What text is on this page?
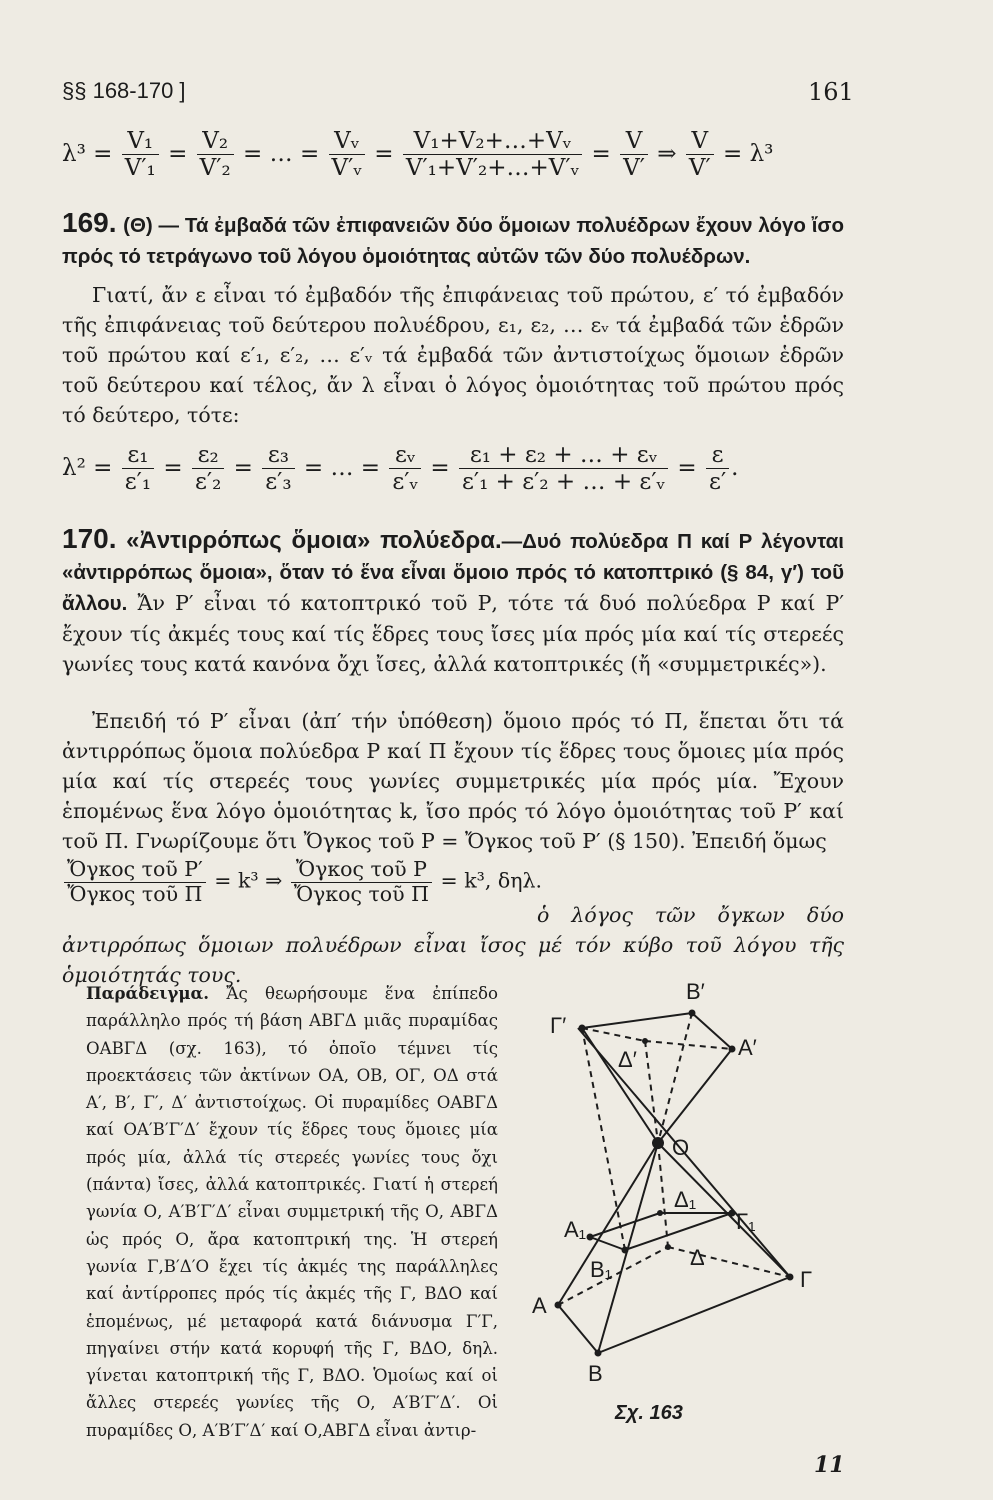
§§ 168-170 ]	161
$\lambda^3 = \frac{\text{V₁}}{\text{V′₁}} = \frac{\text{V₂}}{\text{V′₂}}$ = … = $\frac{\text{Vᵥ}}{\text{V′ᵥ}} = \frac{\text{V₁+V₂+…+Vᵥ}}{\text{V′₁+V′₂+…+V′ᵥ}} = \frac{V}{V'}$ ⇒ $\frac{V}{V'} = \lambda^3$
169. (Θ) — Τά ἐμβαδά τῶν ἐπιφανειῶν δύο ὅμοιων πολυέδρων ἔχουν λόγο ἴσο πρός τό τετράγωνο τοῦ λόγου ὁμοιότητας αὐτῶν τῶν δύο πολυέδρων.
Γιατί, ἄν ε εἶναι τό ἐμβαδόν τῆς ἐπιφάνειας τοῦ πρώτου, ε′ τό ἐμβαδόν τῆς ἐπιφάνειας τοῦ δεύτερου πολυέδρου, ε₁, ε₂, … εᵥ τά ἐμβαδά τῶν ἑδρῶν τοῦ πρώτου καί ε′₁, ε′₂, … ε′ᵥ τά ἐμβαδά τῶν ἀντιστοίχως ὅμοιων ἑδρῶν τοῦ δεύτερου καί τέλος, ἄν λ εἶναι ὁ λόγος ὁμοιότητας τοῦ πρώτου πρός τό δεύτερο, τότε:
$\lambda^2 = \frac{\text{ε₁}}{\text{ε′₁}} = \frac{\text{ε₂}}{\text{ε′₂}} = \frac{\text{ε₃}}{\text{ε′₃}}$ = … = $\frac{\text{εᵥ}}{\text{ε′ᵥ}} = \frac{\text{ε₁ + ε₂ + … + εᵥ}}{\text{ε′₁ + ε′₂ + … + ε′ᵥ}} = \frac{\varepsilon}{\varepsilon'}$ .
170. «Ἀντιρρόπως ὅμοια» πολύεδρα.—Δυό πολύεδρα Π καί Ρ λέγονται «ἀντιρρόπως ὅμοια», ὅταν τό ἕνα εἶναι ὅμοιο πρός τό κατοπτρικό (§ 84, γ′) τοῦ ἄλλου. Ἄν Ρ′ εἶναι τό κατοπτρικό τοῦ Ρ, τότε τά δυό πολύεδρα Ρ καί Ρ′ ἔχουν τίς ἀκμές τους καί τίς ἕδρες τους ἴσες μία πρός μία καί τίς στερεές γωνίες τους κατά κανόνα ὄχι ἴσες, ἀλλά κατοπτρικές (ἤ «συμμετρικές»).
Ἐπειδή τό Ρ′ εἶναι (ἀπ′ τήν ὑπόθεση) ὅμοιο πρός τό Π, ἕπεται ὅτι τά ἀντιρρόπως ὅμοια πολύεδρα Ρ καί Π ἔχουν τίς ἕδρες τους ὅμοιες μία πρός μία καί τίς στερεές τους γωνίες συμμετρικές μία πρός μία. Ἔχουν ἑπομένως ἕνα λόγο ὁμοιότητας k, ἴσο πρός τό λόγο ὁμοιότητας τοῦ Ρ′ καί τοῦ Π. Γνωρίζουμε ὅτι Ὄγκος τοῦ Ρ = Ὄγκος τοῦ Ρ′ (§ 150). Ἐπειδή ὅμως
$\frac{\text{Ὄγκος τοῦ Ρ′}}{\text{Ὄγκος τοῦ Π}} = k^3$ ⇒ $\frac{\text{Ὄγκος τοῦ Ρ}}{\text{Ὄγκος τοῦ Π}} = k^3$, δηλ.
ὁ λόγος τῶν ὄγκων δύο ἀντιρρόπως ὅμοιων πολυέδρων εἶναι ἴσος μέ τόν κύβο τοῦ λόγου τῆς ὁμοιότητάς τους.
Παράδειγμα. Ἄς θεωρήσουμε ἕνα ἐπίπεδο παράλληλο πρός τή βάση ΑΒΓΔ μιᾶς πυραμίδας ΟΑΒΓΔ (σχ. 163), τό ὁποῖο τέμνει τίς προεκτάσεις τῶν ἀκτίνων ΟΑ, ΟΒ, ΟΓ, ΟΔ στά Α′, Β′, Γ′, Δ′ ἀντιστοίχως. Οἱ πυραμίδες ΟΑΒΓΔ καί ΟΑ′Β′Γ′Δ′ ἔχουν τίς ἕδρες τους ὅμοιες μία πρός μία, ἀλλά τίς στερεές γωνίες τους ὄχι (πάντα) ἴσες, ἀλλά κατοπτρικές. Γιατί ἡ στερεή γωνία Ο, Α′Β′Γ′Δ′ εἶναι συμμετρική τῆς Ο, ΑΒΓΔ ὡς πρός Ο, ἄρα κατοπτρική της. Ἡ στερεή γωνία Γ,Β′Δ′Ο ἔχει τίς ἀκμές της παράλληλες καί ἀντίρροπες πρός τίς ἀκμές τῆς Γ, ΒΔΟ καί ἑπομένως, μέ μεταφορά κατά διάνυσμα Γ′Γ, πηγαίνει στήν κατά κορυφή τῆς Γ, ΒΔΟ, δηλ. γίνεται κατοπτρική τῆς Γ, ΒΔΟ. Ὁμοίως καί οἱ ἄλλες στερεές γωνίες τῆς Ο, Α′Β′Γ′Δ′. Οἱ πυραμίδες Ο, Α′Β′Γ′Δ′ καί Ο,ΑΒΓΔ εἶναι ἀντιρ-
Β′
Α′
Γ′
Δ′
Ο
Δ₁
Γ₁
Α₁
Β₁	Δ
Γ
Α
Β
Σχ. 163
11
